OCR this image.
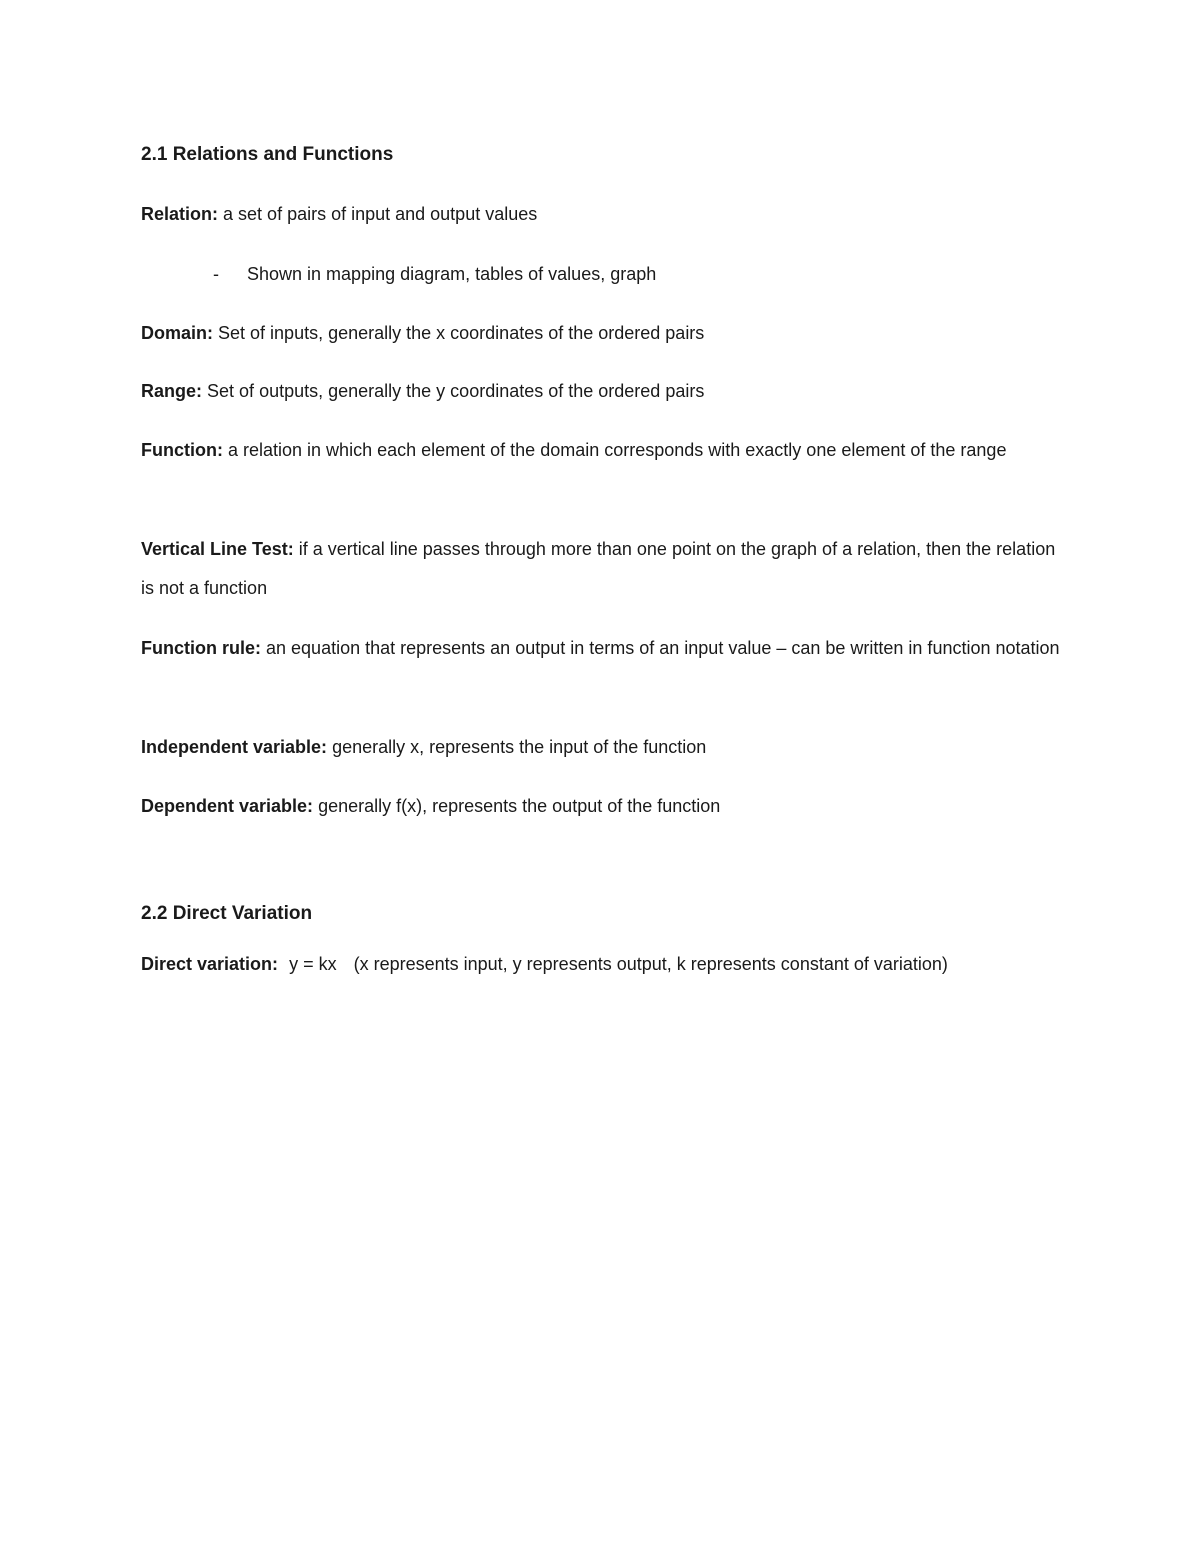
2.1 Relations and Functions
Relation: a set of pairs of input and output values
- Shown in mapping diagram, tables of values, graph
Domain: Set of inputs, generally the x coordinates of the ordered pairs
Range: Set of outputs, generally the y coordinates of the ordered pairs
Function: a relation in which each element of the domain corresponds with exactly one element of the range
Vertical Line Test: if a vertical line passes through more than one point on the graph of a relation, then the relation is not a function
Function rule: an equation that represents an output in terms of an input value – can be written in function notation
Independent variable: generally x, represents the input of the function
Dependent variable: generally f(x), represents the output of the function
2.2 Direct Variation
Direct variation: y = kx (x represents input, y represents output, k represents constant of variation)
